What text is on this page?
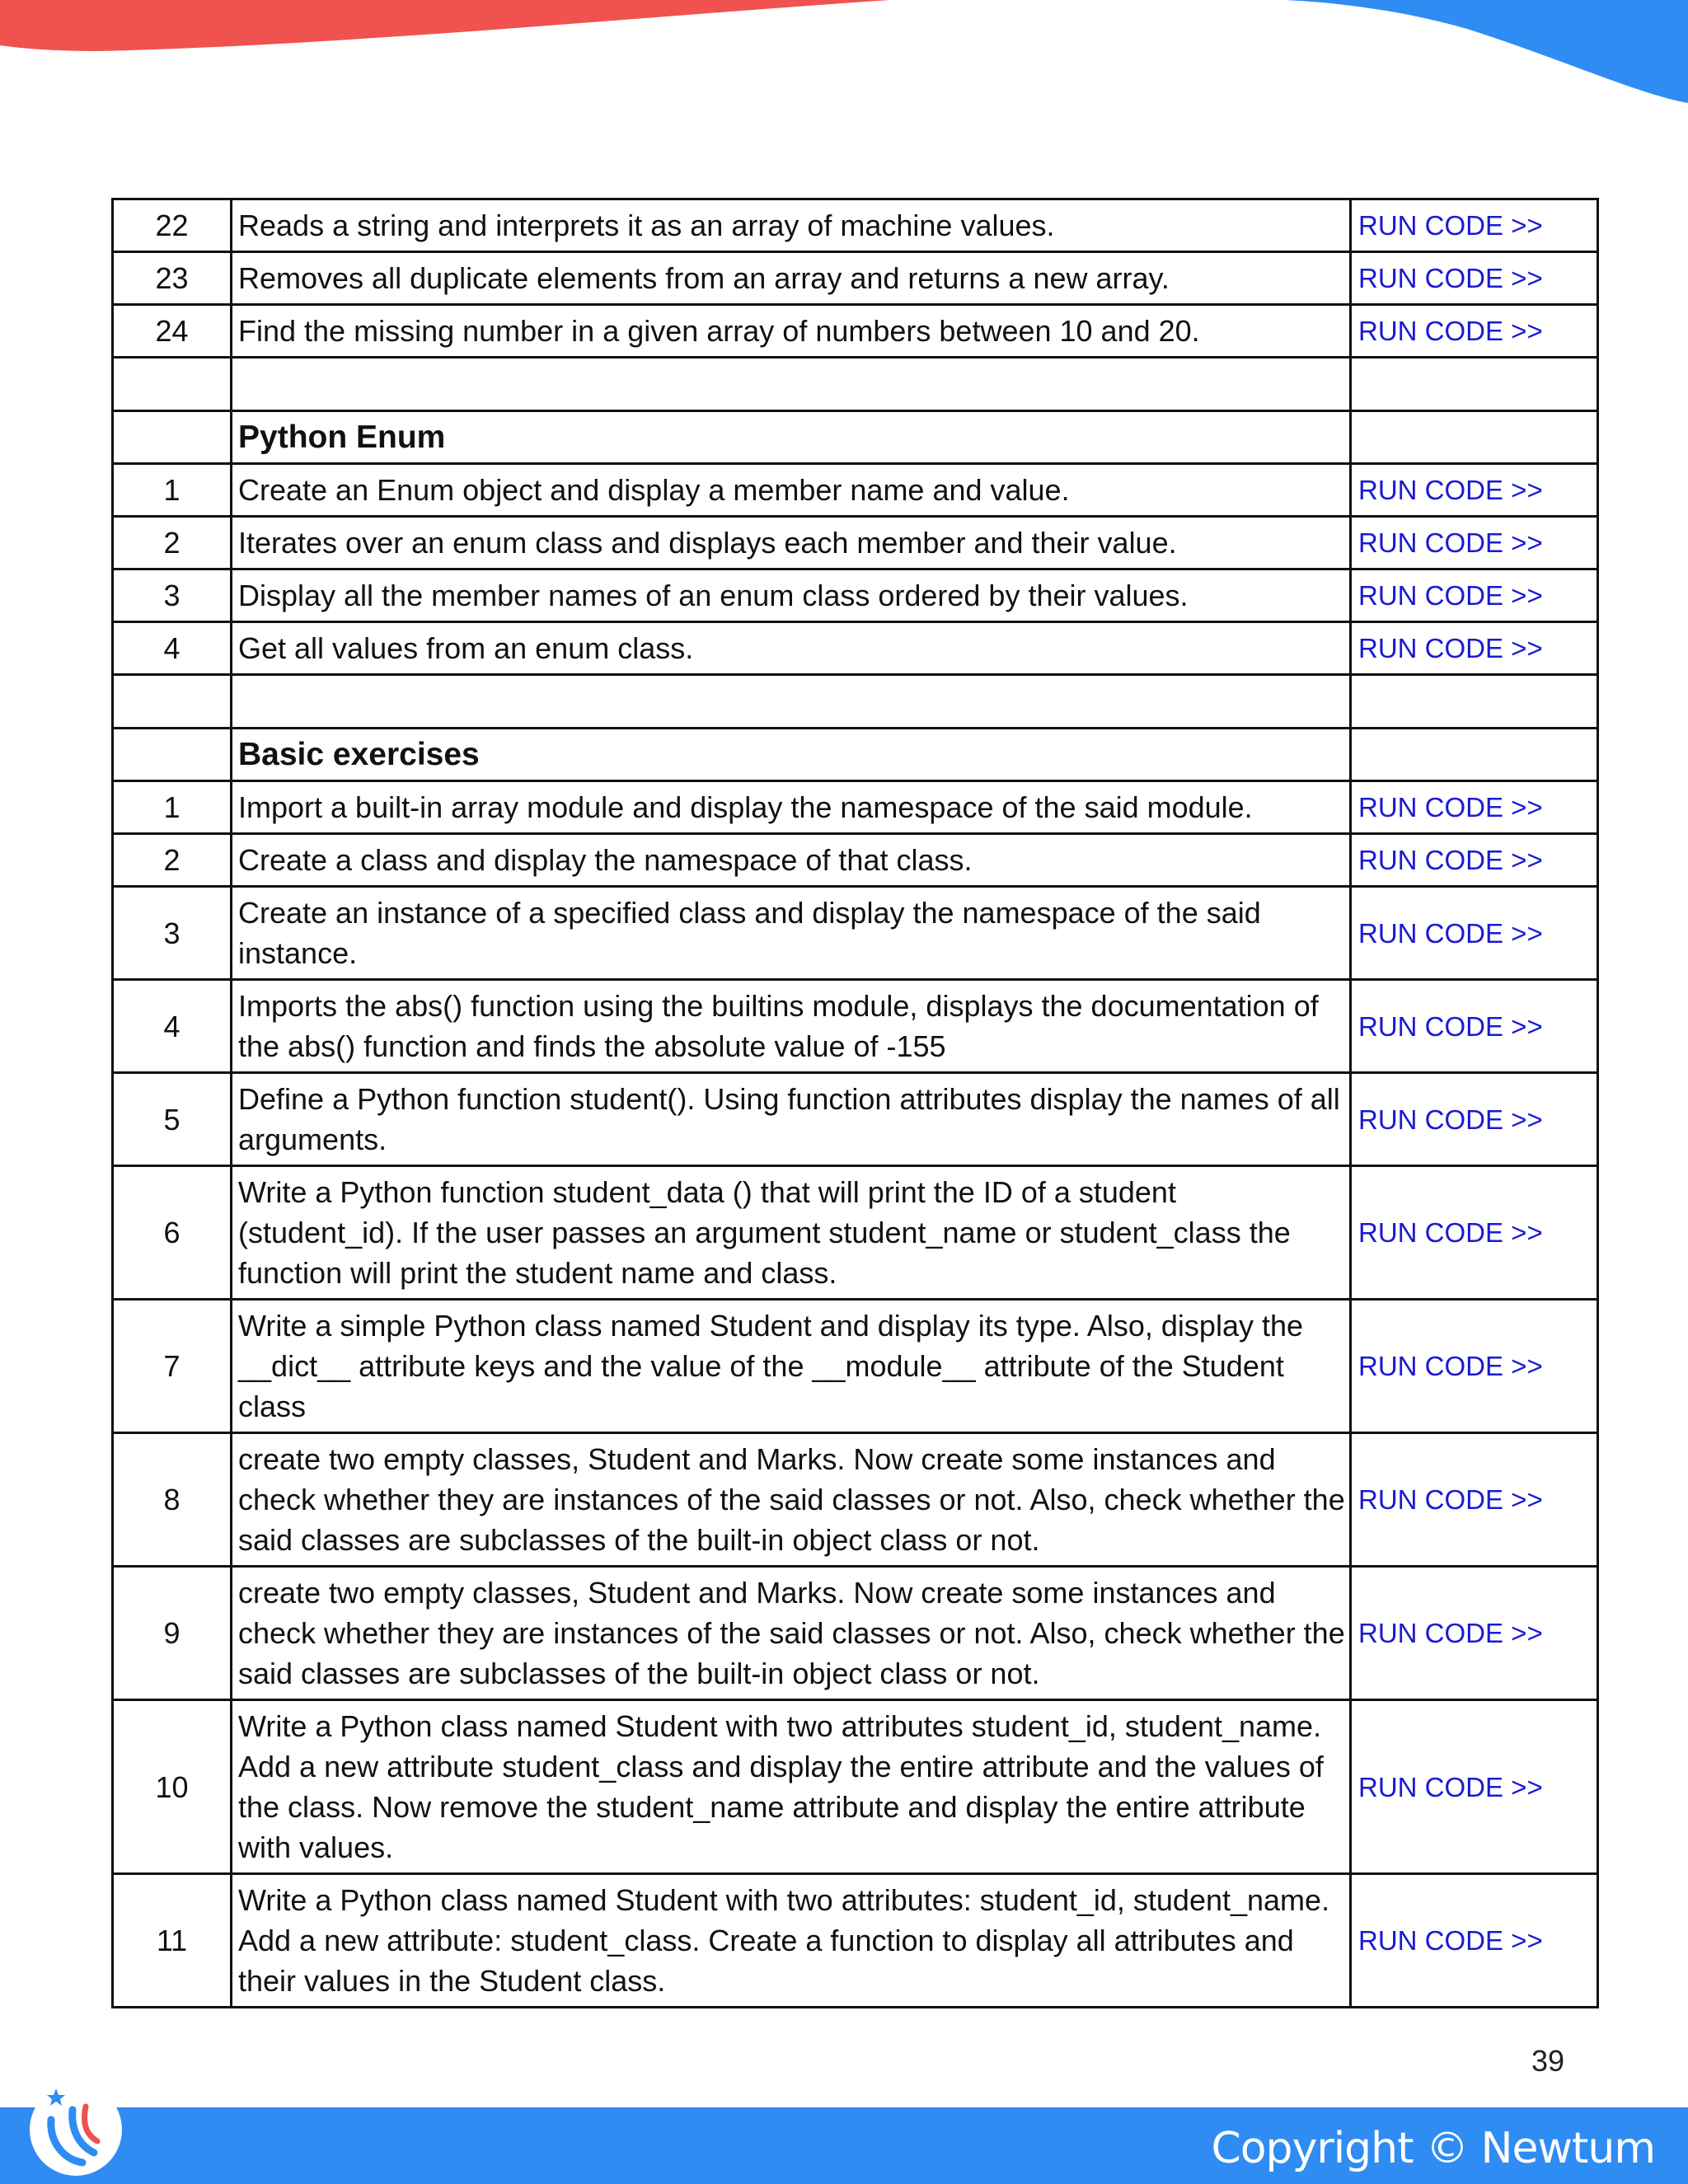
22	Reads a string and interprets it as an array of machine values.	RUN CODE >>
23	Removes all duplicate elements from an array and returns a new array.	RUN CODE >>
24	Find the missing number in a given array of numbers between 10 and 20.	RUN CODE >>

	Python Enum	
1	Create an Enum object and display a member name and value.	RUN CODE >>
2	Iterates over an enum class and displays each member and their value.	RUN CODE >>
3	Display all the member names of an enum class ordered by their values.	RUN CODE >>
4	Get all values from an enum class.	RUN CODE >>

	Basic exercises	
1	Import a built-in array module and display the namespace of the said module.	RUN CODE >>
2	Create a class and display the namespace of that class.	RUN CODE >>
3	Create an instance of a specified class and display the namespace of the said instance.	RUN CODE >>
4	Imports the abs() function using the builtins module, displays the documentation of the abs() function and finds the absolute value of -155	RUN CODE >>
5	Define a Python function student(). Using function attributes display the names of all arguments.	RUN CODE >>
6	Write a Python function student_data () that will print the ID of a student (student_id). If the user passes an argument student_name or student_class the function will print the student name and class.	RUN CODE >>
7	Write a simple Python class named Student and display its type. Also, display the __dict__ attribute keys and the value of the __module__ attribute of the Student class	RUN CODE >>
8	create two empty classes, Student and Marks. Now create some instances and check whether they are instances of the said classes or not. Also, check whether the said classes are subclasses of the built-in object class or not.	RUN CODE >>
9	create two empty classes, Student and Marks. Now create some instances and check whether they are instances of the said classes or not. Also, check whether the said classes are subclasses of the built-in object class or not.	RUN CODE >>
10	Write a Python class named Student with two attributes student_id, student_name. Add a new attribute student_class and display the entire attribute and the values of the class. Now remove the student_name attribute and display the entire attribute with values.	RUN CODE >>
11	Write a Python class named Student with two attributes: student_id, student_name. Add a new attribute: student_class. Create a function to display all attributes and their values in the Student class.	RUN CODE >>
39
Copyright © Newtum
